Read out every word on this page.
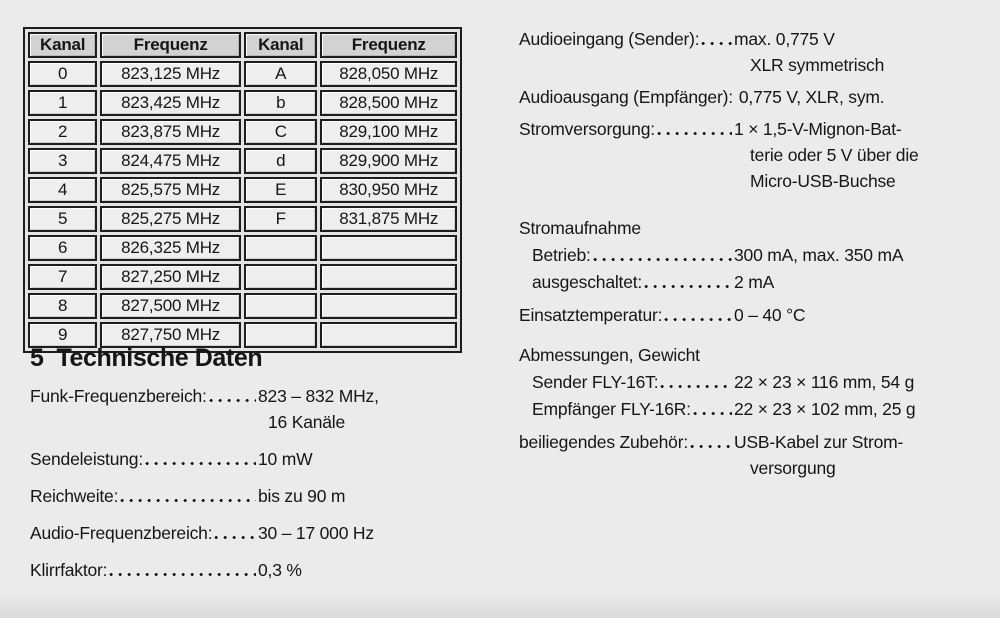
Kanal	Frequenz	Kanal	Frequenz
0	823,125 MHz	A	828,050 MHz
1	823,425 MHz	b	828,500 MHz
2	823,875 MHz	C	829,100 MHz
3	824,475 MHz	d	829,900 MHz
4	825,575 MHz	E	830,950 MHz
5	825,275 MHz	F	831,875 MHz
6	826,325 MHz		
7	827,250 MHz		
8	827,500 MHz		
9	827,750 MHz		
5 Technische Daten
Funk-Frequenzbereich:	823 – 832 MHz,
16 Kanäle
Sendeleistung:	10 mW
Reichweite:	bis zu 90 m
Audio-Frequenzbereich:	30 – 17 000 Hz
Klirrfaktor:	0,3 %
Audioeingang (Sender): max. 0,775 V
XLR symmetrisch
Audioausgang (Empfänger): 0,775 V, XLR, sym.
Stromversorgung:	1 × 1,5-V-Mignon-Bat-
terie oder 5 V über die
Micro-USB-Buchse
Stromaufnahme
Betrieb:	300 mA, max. 350 mA
ausgeschaltet:	2 mA
Einsatztemperatur:	0 – 40 °C
Abmessungen, Gewicht
Sender FLY-16T:	22 × 23 × 116 mm, 54 g
Empfänger FLY-16R: 22 × 23 × 102 mm, 25 g
beiliegendes Zubehör:	USB-Kabel zur Strom-
versorgung
